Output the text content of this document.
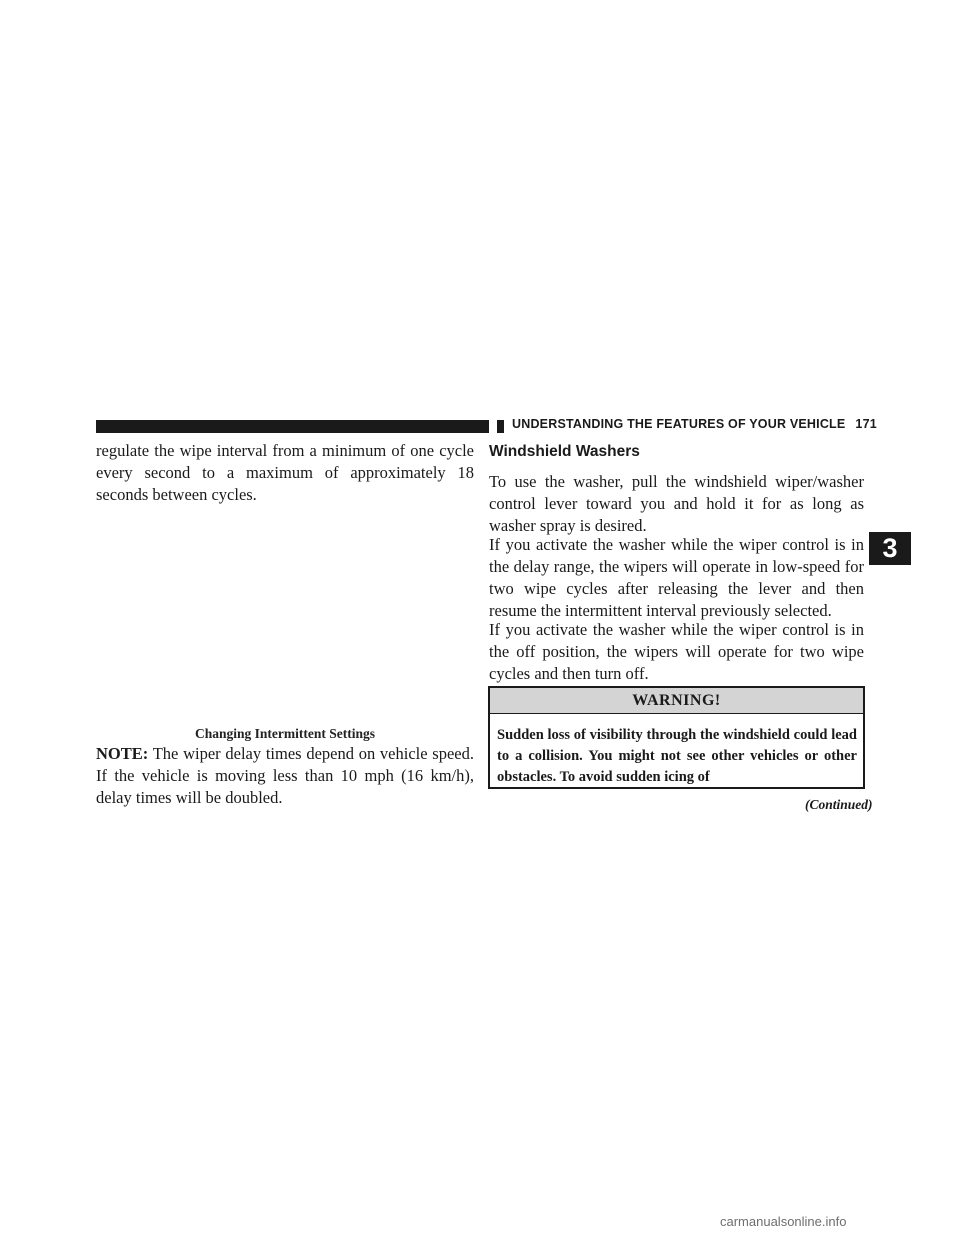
UNDERSTANDING THE FEATURES OF YOUR VEHICLE 171

regulate the wipe interval from a minimum of one cycle every second to a maximum of approximately 18 seconds between cycles.

Changing Intermittent Settings

NOTE: The wiper delay times depend on vehicle speed. If the vehicle is moving less than 10 mph (16 km/h), delay times will be doubled.

Windshield Washers

To use the washer, pull the windshield wiper/washer control lever toward you and hold it for as long as washer spray is desired.

If you activate the washer while the wiper control is in the delay range, the wipers will operate in low-speed for two wipe cycles after releasing the lever and then resume the intermittent interval previously selected.

If you activate the washer while the wiper control is in the off position, the wipers will operate for two wipe cycles and then turn off.

WARNING!
Sudden loss of visibility through the windshield could lead to a collision. You might not see other vehicles or other obstacles. To avoid sudden icing of
(Continued)
3
carmanualsonline.info
